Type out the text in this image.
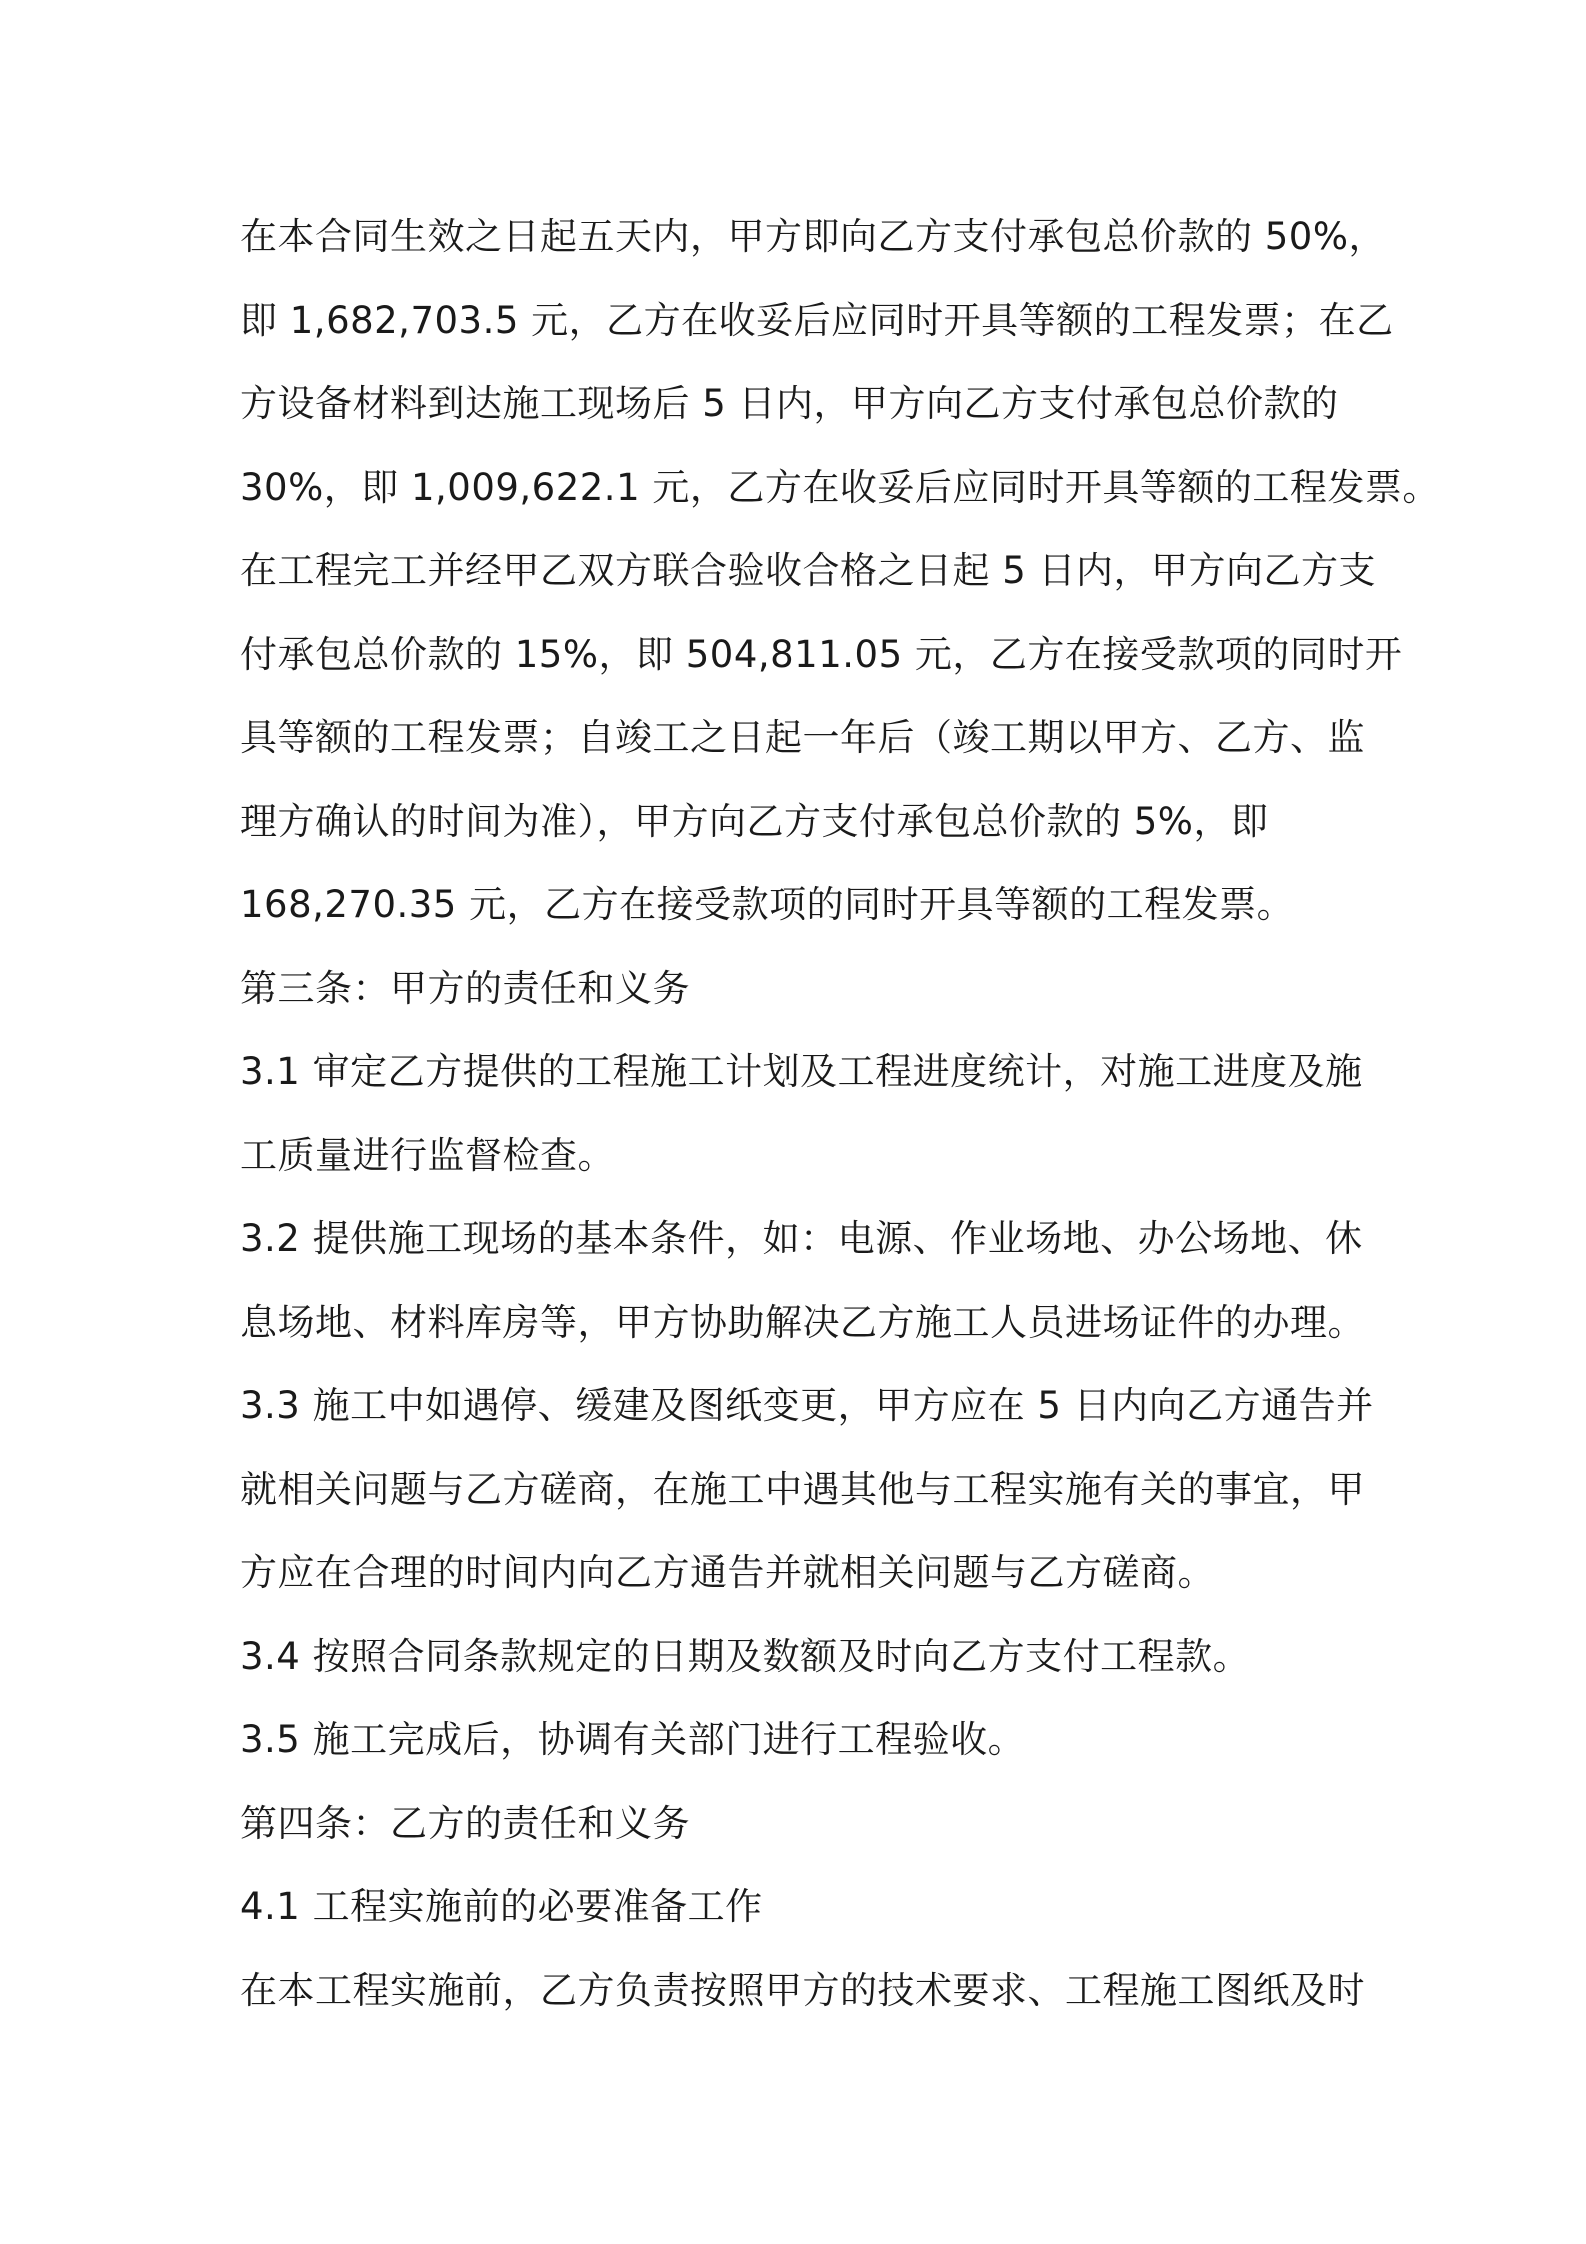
在本合同生效之日起五天内，甲方即向乙方支付承包总价款的 50%，
即 1,682,703.5 元，乙方在收妥后应同时开具等额的工程发票；在乙
方设备材料到达施工现场后 5 日内，甲方向乙方支付承包总价款的
30%，即 1,009,622.1 元，乙方在收妥后应同时开具等额的工程发票。
在工程完工并经甲乙双方联合验收合格之日起 5 日内，甲方向乙方支
付承包总价款的 15%，即 504,811.05 元，乙方在接受款项的同时开
具等额的工程发票；自竣工之日起一年后（竣工期以甲方、乙方、监
理方确认的时间为准），甲方向乙方支付承包总价款的 5%，即
168,270.35 元，乙方在接受款项的同时开具等额的工程发票。
第三条：甲方的责任和义务
3.1 审定乙方提供的工程施工计划及工程进度统计，对施工进度及施
工质量进行监督检查。
3.2 提供施工现场的基本条件，如：电源、作业场地、办公场地、休
息场地、材料库房等，甲方协助解决乙方施工人员进场证件的办理。
3.3 施工中如遇停、缓建及图纸变更，甲方应在 5 日内向乙方通告并
就相关问题与乙方磋商，在施工中遇其他与工程实施有关的事宜，甲
方应在合理的时间内向乙方通告并就相关问题与乙方磋商。
3.4 按照合同条款规定的日期及数额及时向乙方支付工程款。
3.5 施工完成后，协调有关部门进行工程验收。
第四条：乙方的责任和义务
4.1 工程实施前的必要准备工作
在本工程实施前，乙方负责按照甲方的技术要求、工程施工图纸及时
